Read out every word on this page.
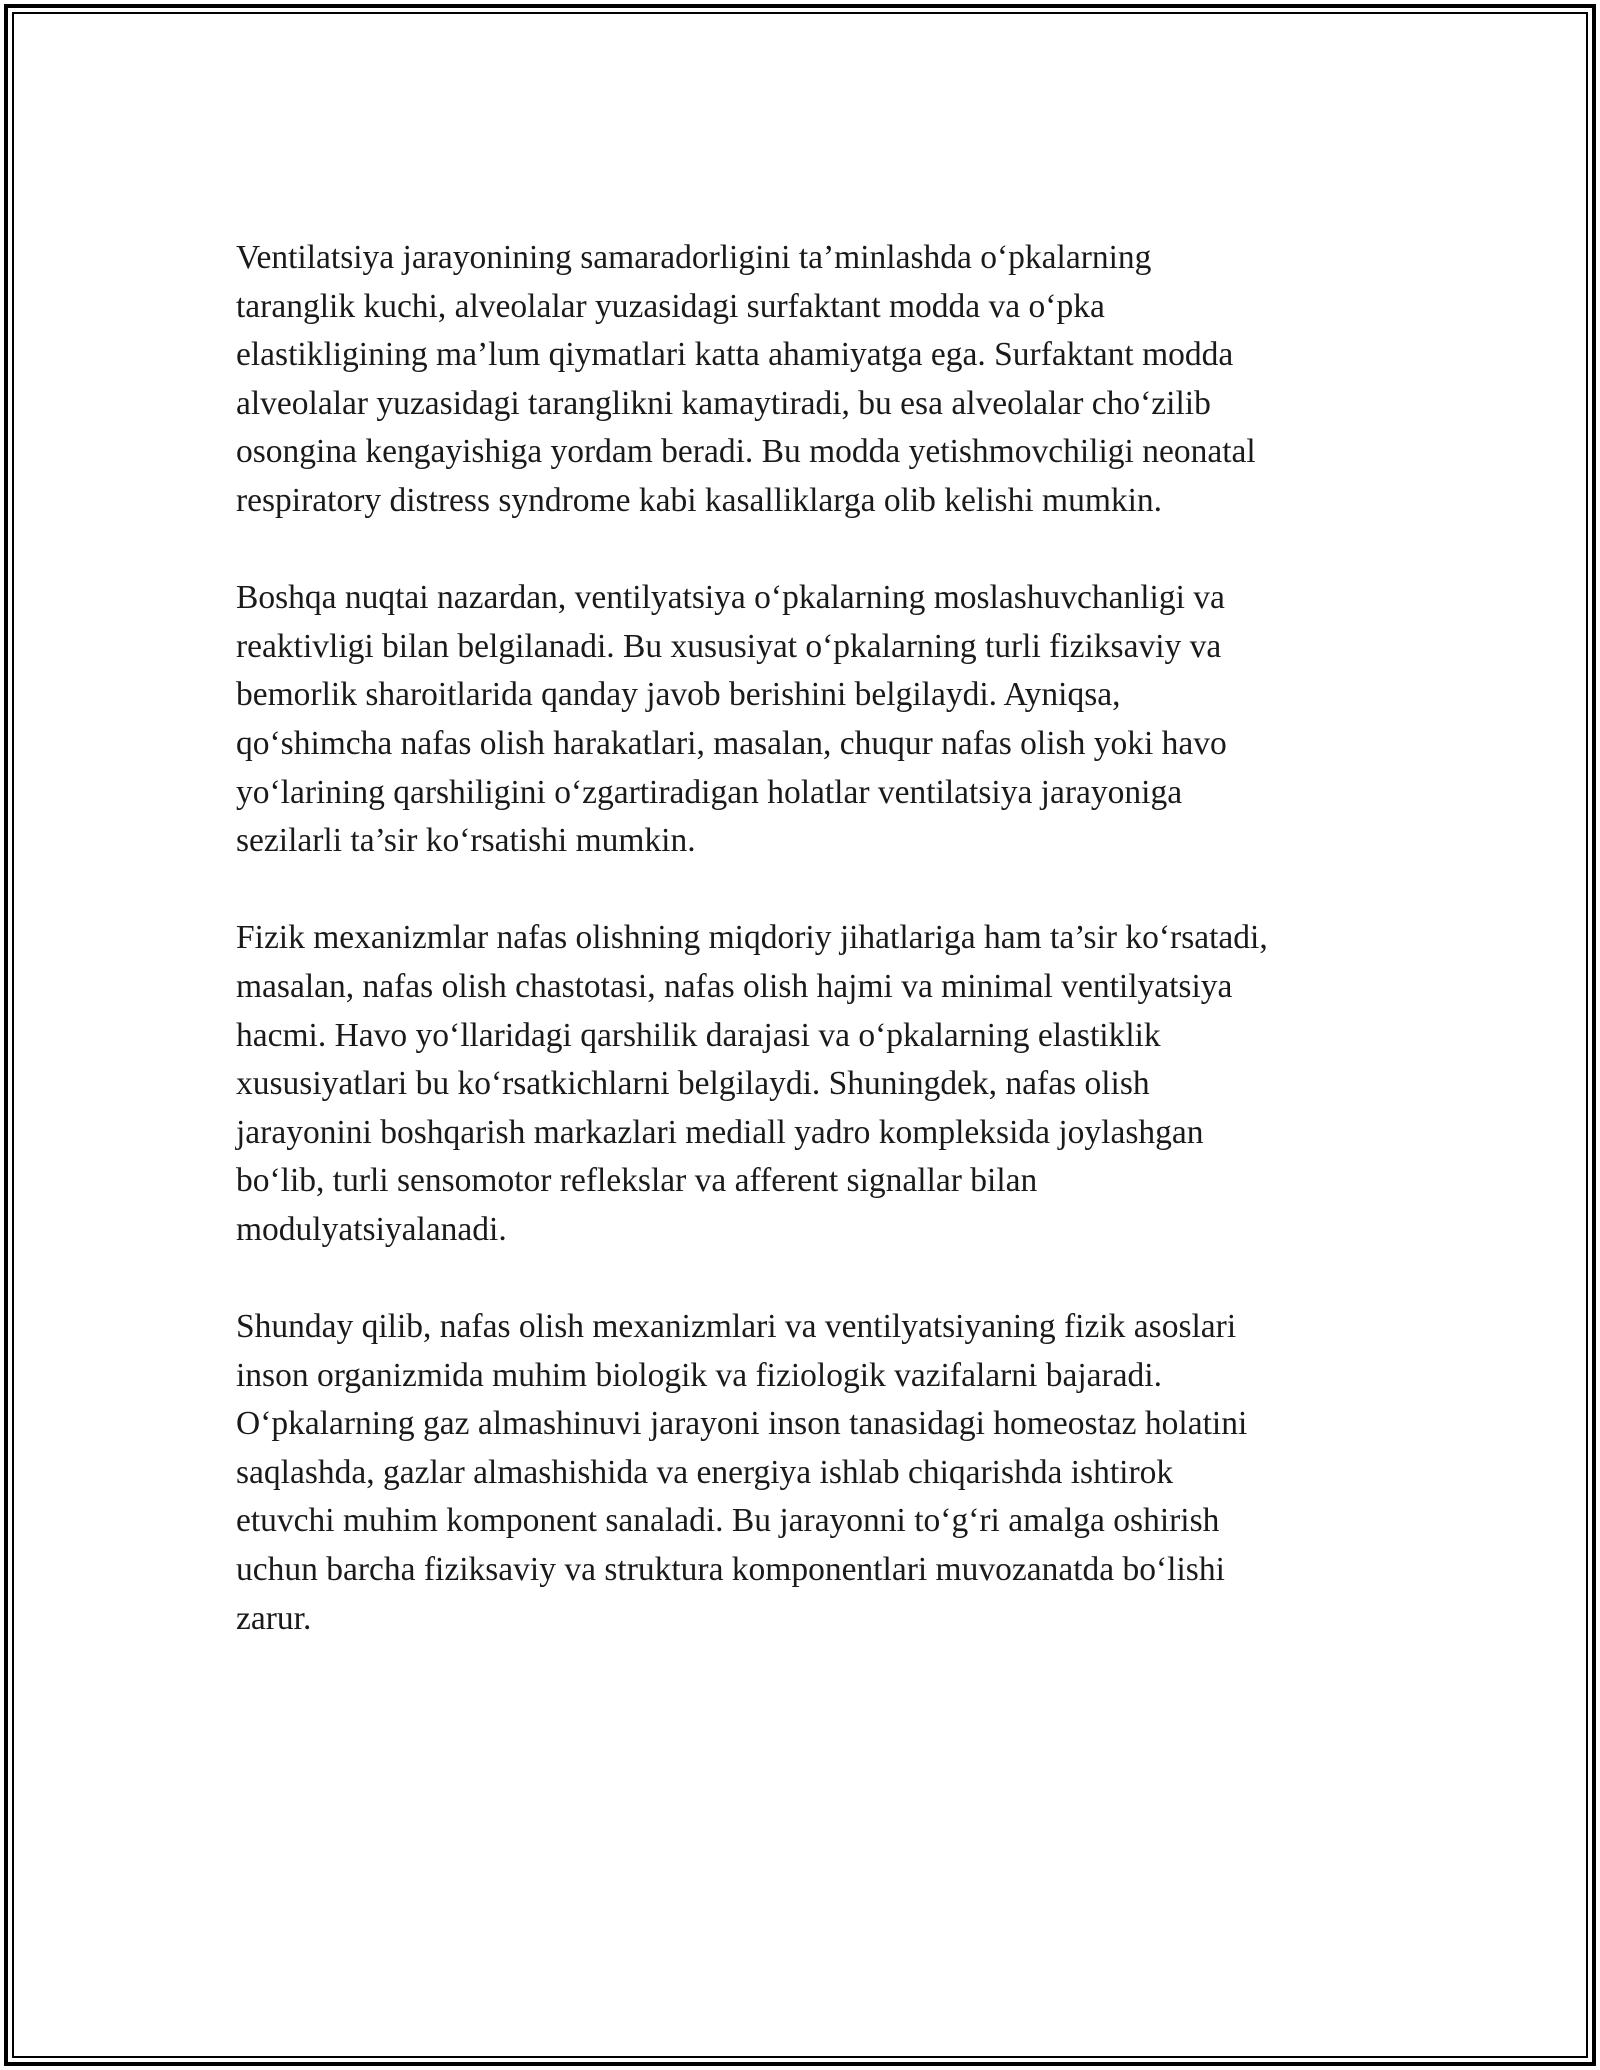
Ventilatsiya jarayonining samaradorligini ta’minlashda o‘pkalarning
taranglik kuchi, alveolalar yuzasidagi surfaktant modda va o‘pka
elastikligining ma’lum qiymatlari katta ahamiyatga ega. Surfaktant modda
alveolalar yuzasidagi taranglikni kamaytiradi, bu esa alveolalar cho‘zilib
osongina kengayishiga yordam beradi. Bu modda yetishmovchiligi neonatal
respiratory distress syndrome kabi kasalliklarga olib kelishi mumkin.

Boshqa nuqtai nazardan, ventilyatsiya o‘pkalarning moslashuvchanligi va
reaktivligi bilan belgilanadi. Bu xususiyat o‘pkalarning turli fiziksaviy va
bemorlik sharoitlarida qanday javob berishini belgilaydi. Ayniqsa,
qo‘shimcha nafas olish harakatlari, masalan, chuqur nafas olish yoki havo
yo‘larining qarshiligini o‘zgartiradigan holatlar ventilatsiya jarayoniga
sezilarli ta’sir ko‘rsatishi mumkin.

Fizik mexanizmlar nafas olishning miqdoriy jihatlariga ham ta’sir ko‘rsatadi,
masalan, nafas olish chastotasi, nafas olish hajmi va minimal ventilyatsiya
hacmi. Havo yo‘llaridagi qarshilik darajasi va o‘pkalarning elastiklik
xususiyatlari bu ko‘rsatkichlarni belgilaydi. Shuningdek, nafas olish
jarayonini boshqarish markazlari mediall yadro kompleksida joylashgan
bo‘lib, turli sensomotor reflekslar va afferent signallar bilan
modulyatsiyalanadi.

Shunday qilib, nafas olish mexanizmlari va ventilyatsiyaning fizik asoslari
inson organizmida muhim biologik va fiziologik vazifalarni bajaradi.
O‘pkalarning gaz almashinuvi jarayoni inson tanasidagi homeostaz holatini
saqlashda, gazlar almashishida va energiya ishlab chiqarishda ishtirok
etuvchi muhim komponent sanaladi. Bu jarayonni to‘g‘ri amalga oshirish
uchun barcha fiziksaviy va struktura komponentlari muvozanatda bo‘lishi
zarur.
